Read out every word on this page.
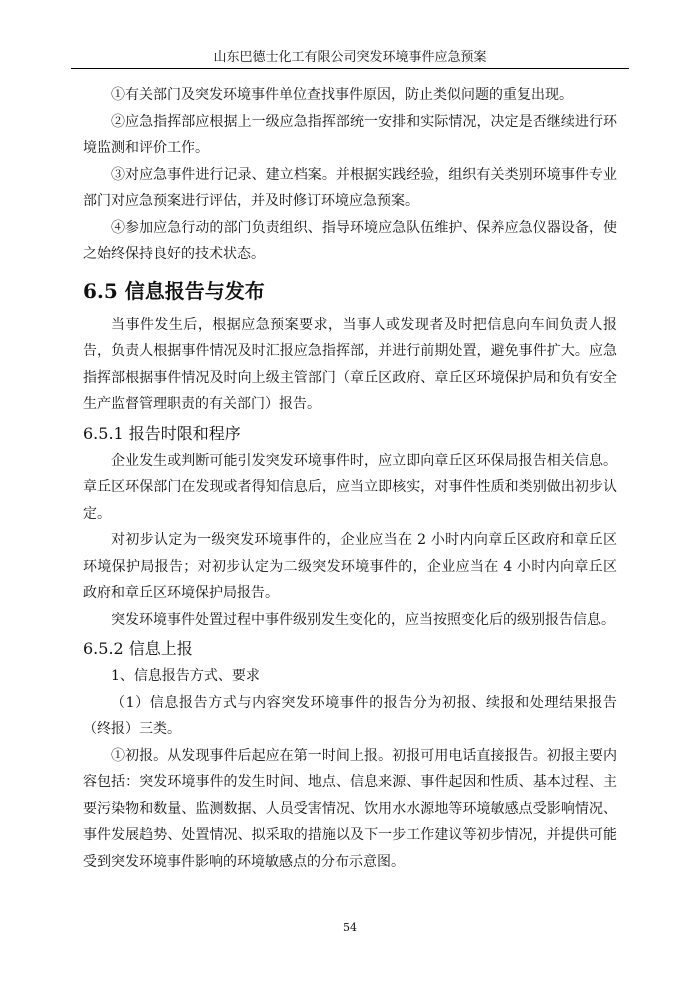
山东巴德士化工有限公司突发环境事件应急预案

①有关部门及突发环境事件单位查找事件原因，防止类似问题的重复出现。

②应急指挥部应根据上一级应急指挥部统一安排和实际情况，决定是否继续进行环境监测和评价工作。

③对应急事件进行记录、建立档案。并根据实践经验，组织有关类别环境事件专业部门对应急预案进行评估，并及时修订环境应急预案。

④参加应急行动的部门负责组织、指导环境应急队伍维护、保养应急仪器设备，使之始终保持良好的技术状态。

6.5 信息报告与发布

当事件发生后，根据应急预案要求，当事人或发现者及时把信息向车间负责人报告，负责人根据事件情况及时汇报应急指挥部，并进行前期处置，避免事件扩大。应急指挥部根据事件情况及时向上级主管部门（章丘区政府、章丘区环境保护局和负有安全生产监督管理职责的有关部门）报告。

6.5.1 报告时限和程序

企业发生或判断可能引发突发环境事件时，应立即向章丘区环保局报告相关信息。章丘区环保部门在发现或者得知信息后，应当立即核实，对事件性质和类别做出初步认定。

对初步认定为一级突发环境事件的，企业应当在 2 小时内向章丘区政府和章丘区环境保护局报告；对初步认定为二级突发环境事件的，企业应当在 4 小时内向章丘区政府和章丘区环境保护局报告。

突发环境事件处置过程中事件级别发生变化的，应当按照变化后的级别报告信息。

6.5.2 信息上报

1、信息报告方式、要求

（1）信息报告方式与内容突发环境事件的报告分为初报、续报和处理结果报告（终报）三类。

①初报。从发现事件后起应在第一时间上报。初报可用电话直接报告。初报主要内容包括：突发环境事件的发生时间、地点、信息来源、事件起因和性质、基本过程、主要污染物和数量、监测数据、人员受害情况、饮用水水源地等环境敏感点受影响情况、事件发展趋势、处置情况、拟采取的措施以及下一步工作建议等初步情况，并提供可能受到突发环境事件影响的环境敏感点的分布示意图。

54
